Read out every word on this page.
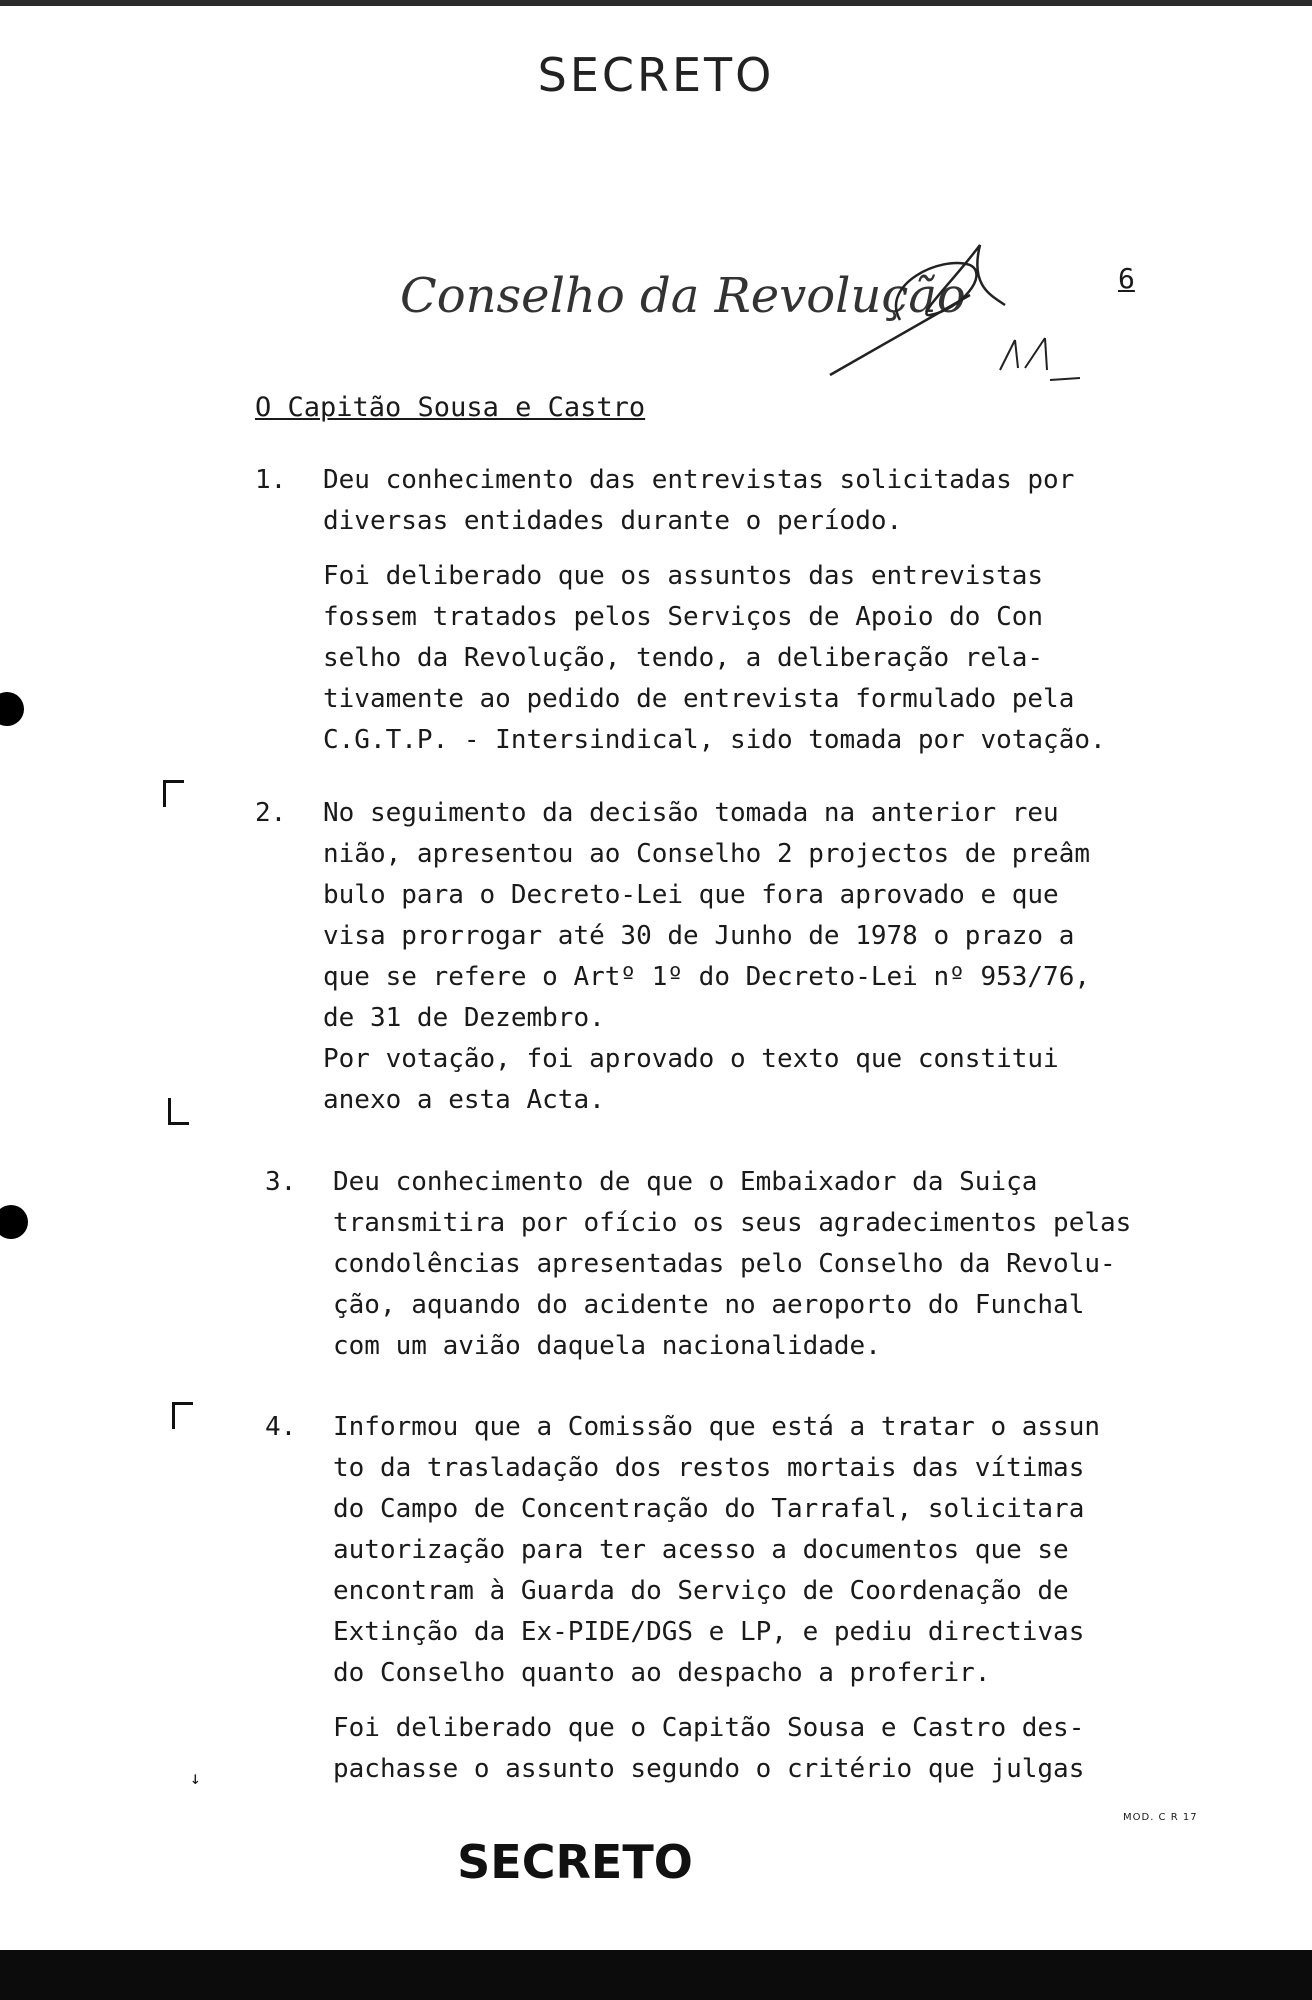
SECRETO
Conselho da Revolução	6
O Capitão Sousa e Castro
1.	Deu conhecimento das entrevistas solicitadas por

diversas entidades durante o período.

Foi deliberado que os assuntos das entrevistas

fossem tratados pelos Serviços de Apoio do Con

selho da Revolução, tendo, a deliberação rela-

tivamente ao pedido de entrevista formulado pela

C.G.T.P. - Intersindical, sido tomada por votação.

2.	No seguimento da decisão tomada na anterior reu

nião, apresentou ao Conselho 2 projectos de preâm

bulo para o Decreto-Lei que fora aprovado e que

visa prorrogar até 30 de Junho de 1978 o prazo a

que se refere o Artº 1º do Decreto-Lei nº 953/76,

de 31 de Dezembro.

Por votação, foi aprovado o texto que constitui

anexo a esta Acta.

3.	Deu conhecimento de que o Embaixador da Suiça

transmitira por ofício os seus agradecimentos pelas

condolências apresentadas pelo Conselho da Revolu-

ção, aquando do acidente no aeroporto do Funchal

com um avião daquela nacionalidade.

4.	Informou que a Comissão que está a tratar o assun

to da trasladação dos restos mortais das vítimas

do Campo de Concentração do Tarrafal, solicitara

autorização para ter acesso a documentos que se

encontram à Guarda do Serviço de Coordenação de

Extinção da Ex-PIDE/DGS e LP, e pediu directivas

do Conselho quanto ao despacho a proferir.

Foi deliberado que o Capitão Sousa e Castro des-

pachasse o assunto segundo o critério que julgas

↓
MOD. C R 17
SECRETO
